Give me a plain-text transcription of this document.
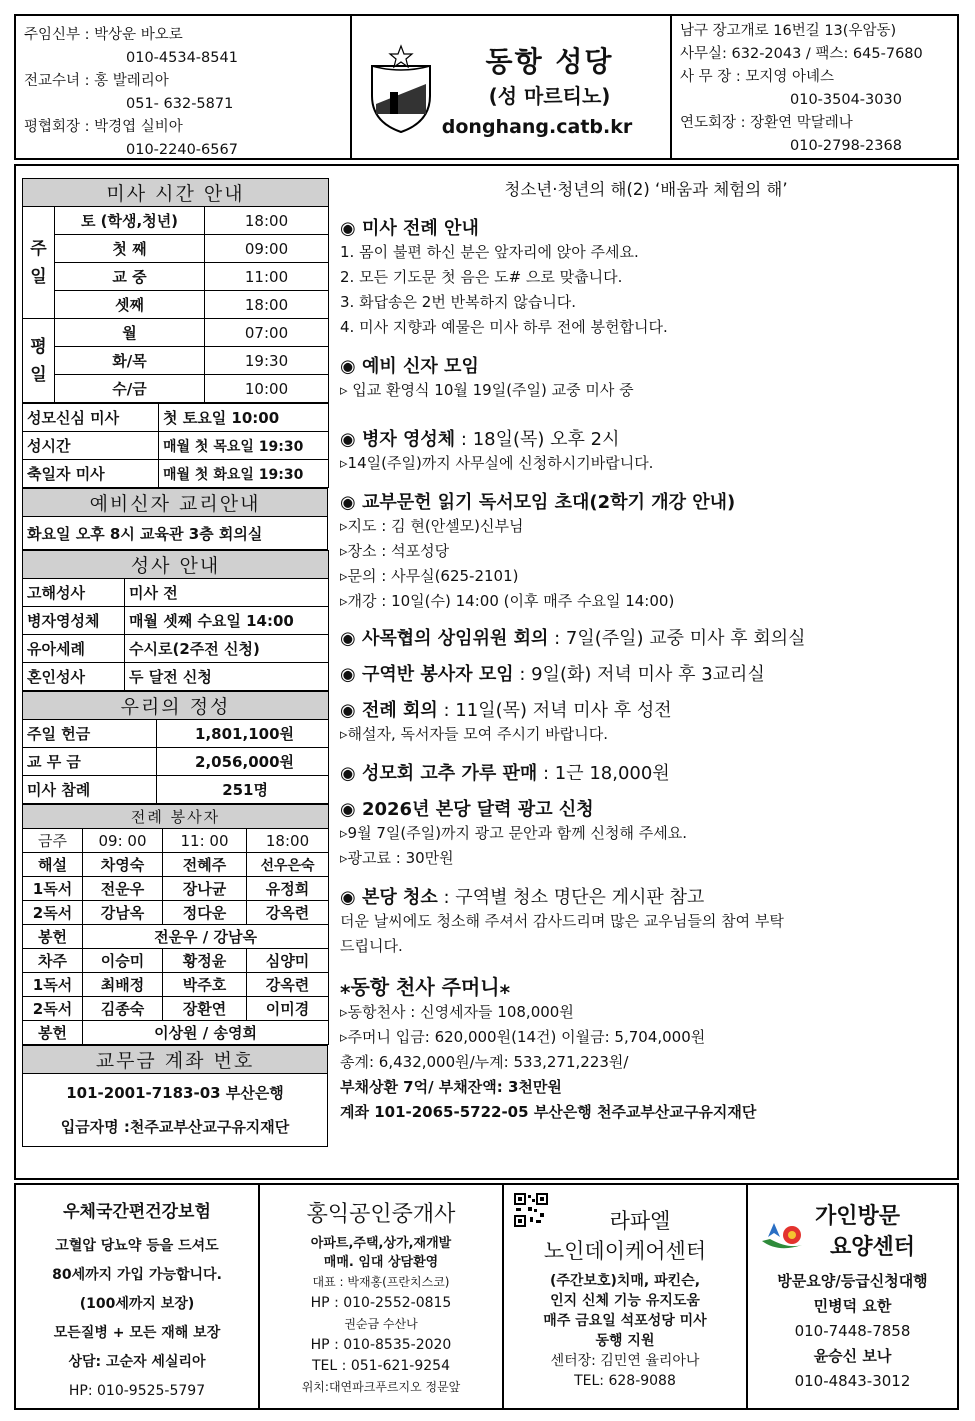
주임신부 : 박상운 바오로

010-4534-8541

전교수녀 : 홍 발레리아

051- 632-5871

평협회장 : 박경엽 실비아

010-2240-6567

동항 성당
(성 마르티노)
donghang.catb.kr

남구 장고개로 16번길 13(우암동)

사무실: 632-2043 / 팩스: 645-7680

사 무 장 : 모지영 아녜스

010-3504-3030

연도회장 : 장환연 막달레나

010-2798-2368

미사 시간 안내		
주일	토 (학생,청년)	18:00
	첫 째	09:00
	교 중	11:00
	셋째	18:00
평일	월	07:00
	화/목	19:30
	수/금	10:00
성모신심 미사	첫 토요일 10:00
성시간	매월 첫 목요일 19:30
축일자 미사	매월 첫 화요일 19:30
예비신자 교리안내
화요일 오후 8시 교육관 3층 회의실
성사 안내	
고해성사	미사 전
병자영성체	매월 셋째 수요일 14:00
유아세례	수시로(2주전 신청)
혼인성사	두 달전 신청
우리의 정성	
주일 헌금	1,801,100원
교 무 금	2,056,000원
미사 참례	251명
전례 봉사자			
금주	09: 00	11: 00	18:00
해설	차영숙	전혜주	선우은숙
1독서	전운우	장나균	유정희
2독서	강남옥	정다운	강옥련
봉헌	전운우 / 강남옥		
차주	이승미	황정윤	심양미
1독서	최배정	박주호	강옥련
2독서	김종숙	장환연	이미경
봉헌	이상원 / 송영희		
교무금 계좌 번호

101-2001-7183-03 부산은행
입금자명 :천주교부산교구유지재단

청소년·청년의 해(2) ‘배움과 체험의 해’

◉ 미사 전례 안내

1. 몸이 불편 하신 분은 앞자리에 앉아 주세요.

2. 모든 기도문 첫 음은 도# 으로 맞춥니다.

3. 화답송은 2번 반복하지 않습니다.

4. 미사 지향과 예물은 미사 하루 전에 봉헌합니다.

◉ 예비 신자 모임

▹ 입교 환영식 10월 19일(주일) 교중 미사 중

◉ 병자 영성체 : 18일(목) 오후 2시

▹14일(주일)까지 사무실에 신청하시기바랍니다.

◉ 교부문헌 읽기 독서모임 초대(2학기 개강 안내)

▹지도 : 김 현(안셀모)신부님

▹장소 : 석포성당

▹문의 : 사무실(625-2101)

▹개강 : 10일(수) 14:00 (이후 매주 수요일 14:00)

◉ 사목협의 상임위원 회의 : 7일(주일) 교중 미사 후 회의실

◉ 구역반 봉사자 모임 : 9일(화) 저녁 미사 후 3교리실

◉ 전례 회의 : 11일(목) 저녁 미사 후 성전

▹해설자, 독서자들 모여 주시기 바랍니다.

◉ 성모회 고추 가루 판매 : 1근 18,000원

◉ 2026년 본당 달력 광고 신청

▹9월 7일(주일)까지 광고 문안과 함께 신청해 주세요.

▹광고료 : 30만원

◉ 본당 청소 : 구역별 청소 명단은 게시판 참고

더운 날씨에도 청소해 주셔서 감사드리며 많은 교우님들의 참여 부탁

드립니다.

⁎동항 천사 주머니⁎

▹동항천사 : 신영세자들 108,000원

▹주머니 입금: 620,000원(14건) 이월금: 5,704,000원

총계: 6,432,000원/누계: 533,271,223원/

부채상환 7억/ 부채잔액: 3천만원

계좌 101-2065-5722-05 부산은행 천주교부산교구유지재단

우체국간편건강보험

고혈압 당뇨약 등을 드셔도

80세까지 가입 가능합니다.

(100세까지 보장)

모든질병 + 모든 재해 보장

상담: 고순자 세실리아

HP: 010-9525-5797

홍익공인중개사

아파트,주택,상가,재개발

매매. 임대 상담환영

대표 : 박재홍(프란치스코)

HP : 010-2552-0815

권순금 수산나

HP : 010-8535-2020

TEL : 051-621-9254

위치:대연파크푸르지오 정문앞

라파엘

노인데이케어센터

(주간보호)치매, 파킨슨,

인지 신체 기능 유지도움

매주 금요일 석포성당 미사

동행 지원

센터장: 김민연 율리아나

TEL: 628-9088

가인방문

요양센터

방문요양/등급신청대행

민병덕 요한

010-7448-7858

윤승신 보나

010-4843-3012
